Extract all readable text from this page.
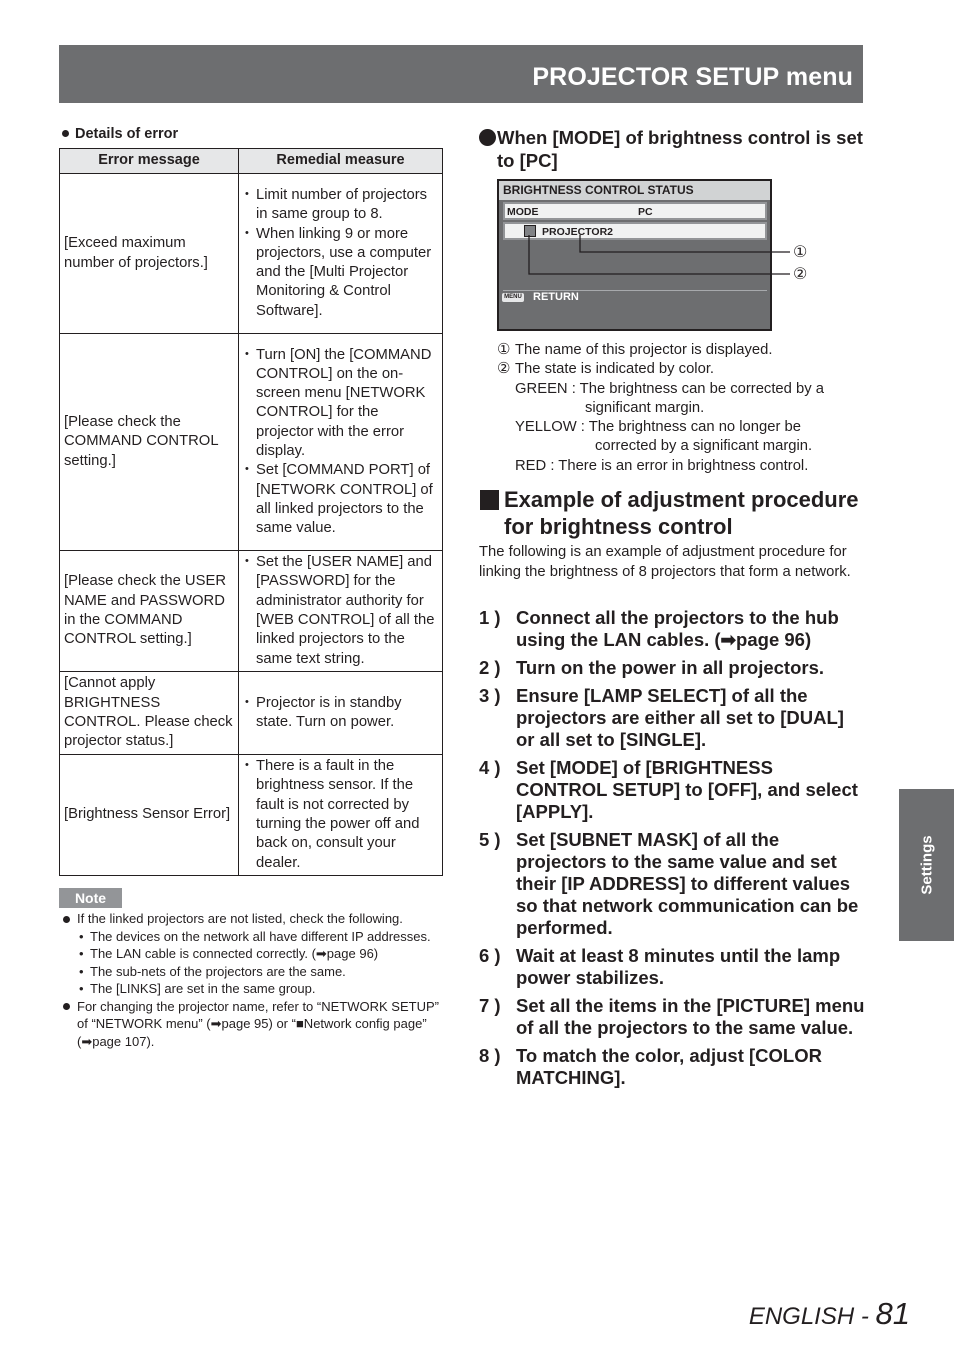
PROJECTOR SETUP menu
Details of error
Error message	Remedial measure
[Exceed maximum number of projectors.]	• Limit number of projectors in same group to 8.
• When linking 9 or more projectors, use a computer and the [Multi Projector Monitoring & Control Software].

[Please check the COMMAND CONTROL setting.]	• Turn [ON] the [COMMAND CONTROL] on the on-screen menu [NETWORK CONTROL] for the projector with the error display.
• Set [COMMAND PORT] of [NETWORK CONTROL] of all linked projectors to the same value.

[Please check the USER NAME and PASSWORD in the COMMAND CONTROL setting.]	• Set the [USER NAME] and [PASSWORD] for the administrator authority for [WEB CONTROL] of all the linked projectors to the same text string.

[Cannot apply BRIGHTNESS CONTROL. Please check projector status.]	• Projector is in standby state. Turn on power.

[Brightness Sensor Error]	• There is a fault in the brightness sensor. If the fault is not corrected by turning the power off and back on, consult your dealer.
Note
If the linked projectors are not listed, check the following.
• The devices on the network all have different IP addresses.
• The LAN cable is connected correctly. (➡page 96)
• The sub-nets of the projectors are the same.
• The [LINKS] are set in the same group.
For changing the projector name, refer to “NETWORK SETUP” of “NETWORK menu” (➡page 95) or “■Network config page” (➡page 107).
When [MODE] of brightness control is set to [PC]
BRIGHTNESS CONTROL STATUS
MODE	PC
PROJECTOR2
MENU RETURN
①
②
① The name of this projector is displayed.
② The state is indicated by color.
GREEN : The brightness can be corrected by a
significant margin.
YELLOW : The brightness can no longer be
corrected by a significant margin.
RED : There is an error in brightness control.
Example of adjustment procedure for brightness control
The following is an example of adjustment procedure for linking the brightness of 8 projectors that form a network.
1 ) Connect all the projectors to the hub using the LAN cables. (➡page 96)
2 ) Turn on the power in all projectors.
3 ) Ensure [LAMP SELECT] of all the projectors are either all set to [DUAL] or all set to [SINGLE].
4 ) Set [MODE] of [BRIGHTNESS CONTROL SETUP] to [OFF], and select [APPLY].
5 ) Set [SUBNET MASK] of all the projectors to the same value and set their [IP ADDRESS] to different values so that network communication can be performed.
6 ) Wait at least 8 minutes until the lamp power stabilizes.
7 ) Set all the items in the [PICTURE] menu of all the projectors to the same value.
8 ) To match the color, adjust [COLOR MATCHING].
Settings
ENGLISH - 81
